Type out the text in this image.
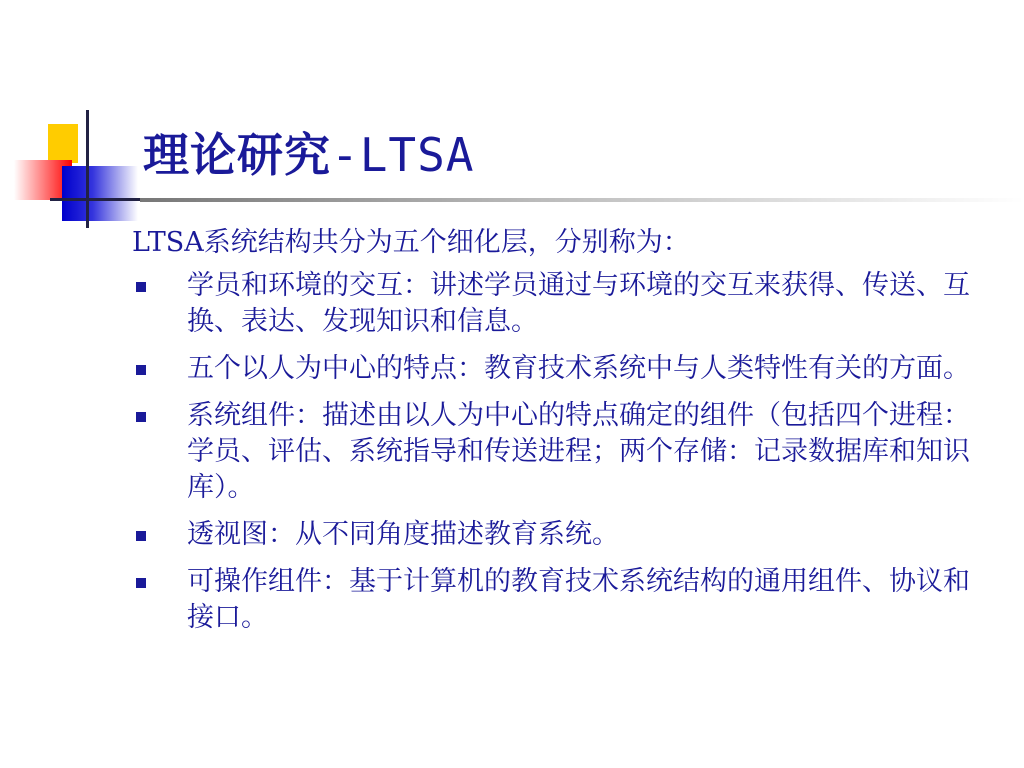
理论研究-LTSA
LTSA系统结构共分为五个细化层，分别称为：
学员和环境的交互：讲述学员通过与环境的交互来获得、传送、互换、表达、发现知识和信息。
五个以人为中心的特点：教育技术系统中与人类特性有关的方面。
系统组件：描述由以人为中心的特点确定的组件（包括四个进程：学员、评估、系统指导和传送进程；两个存储：记录数据库和知识库）。
透视图：从不同角度描述教育系统。
可操作组件：基于计算机的教育技术系统结构的通用组件、协议和接口。
